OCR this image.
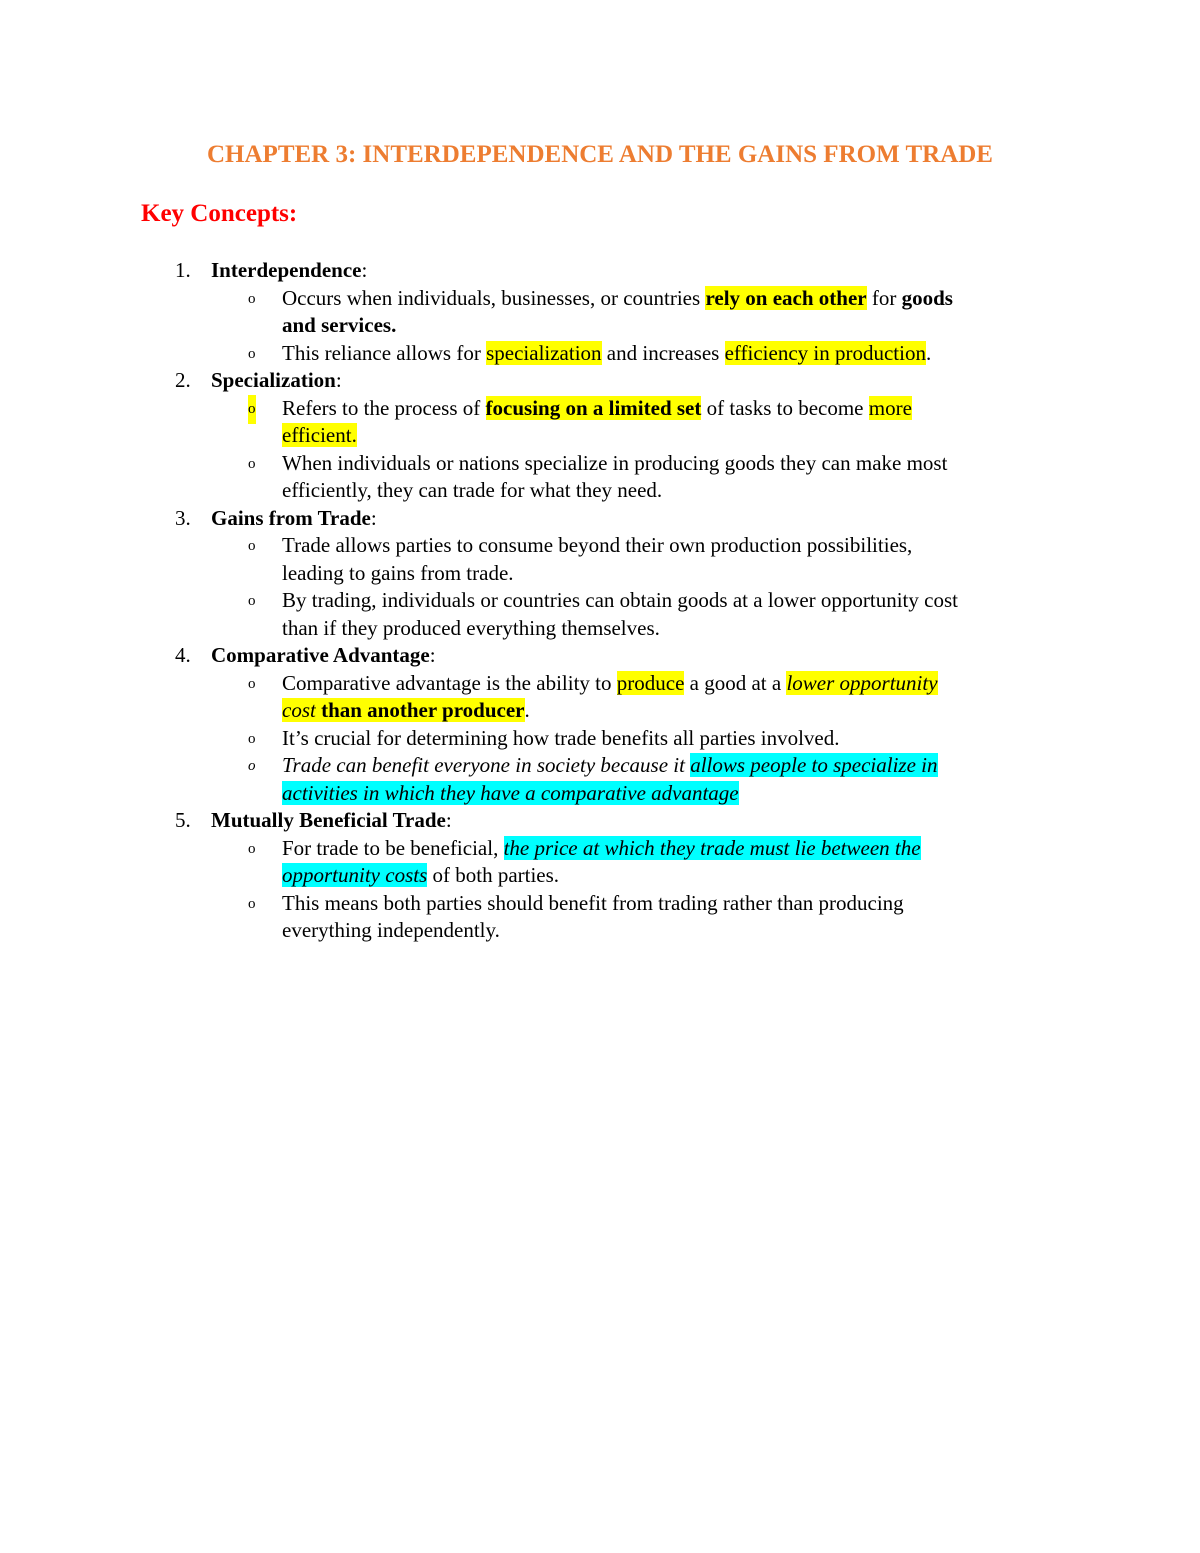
CHAPTER 3: INTERDEPENDENCE AND THE GAINS FROM TRADE
Key Concepts:
1. Interdependence:
o Occurs when individuals, businesses, or countries rely on each other for goods
and services.
o This reliance allows for specialization and increases efficiency in production.
2. Specialization:
o Refers to the process of focusing on a limited set of tasks to become more
efficient.
o When individuals or nations specialize in producing goods they can make most
efficiently, they can trade for what they need.
3. Gains from Trade:
o Trade allows parties to consume beyond their own production possibilities,
leading to gains from trade.
o By trading, individuals or countries can obtain goods at a lower opportunity cost
than if they produced everything themselves.
4. Comparative Advantage:
o Comparative advantage is the ability to produce a good at a lower opportunity
cost than another producer.
o It’s crucial for determining how trade benefits all parties involved.
o Trade can benefit everyone in society because it allows people to specialize in
activities in which they have a comparative advantage
5. Mutually Beneficial Trade:
o For trade to be beneficial, the price at which they trade must lie between the
opportunity costs of both parties.
o This means both parties should benefit from trading rather than producing
everything independently.
